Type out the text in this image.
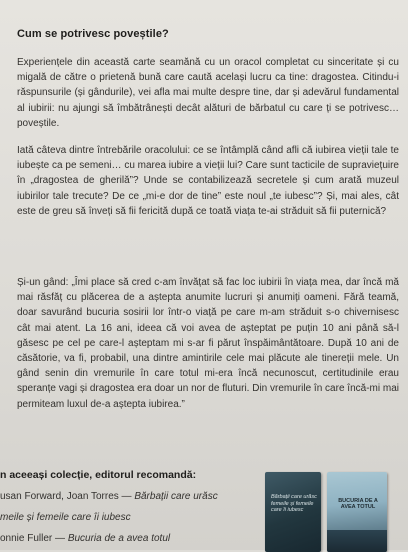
Cum se potrivesc poveștile?

Experiențele din această carte seamănă cu un oracol completat cu sinceritate și cu migală de către o prietenă bună care caută același lucru ca tine: dragostea. Citindu-i răspunsurile (și gândurile), vei afla mai multe despre tine, dar și adevărul fundamental al iubirii: nu ajungi să îmbătrânești decât alături de bărbatul cu care ți se potrivesc… poveștile.

Iată câteva dintre întrebările oracolului: ce se întâmplă când afli că iubirea vieții tale te iubește ca pe semeni… cu marea iubire a vieții lui? Care sunt tacticile de supraviețuire în „dragostea de gherilă”? Unde se contabilizează secretele și cum arată muzeul iubirilor tale trecute? De ce „mi-e dor de tine” este noul „te iubesc”? Și, mai ales, cât este de greu să înveți să fii fericită după ce toată viața te-ai străduit să fii puternică?

Și-un gând: „Îmi place să cred c-am învățat să fac loc iubirii în viața mea, dar încă mă mai răsfăț cu plăcerea de a aștepta anumite lucruri și anumiți oameni. Fără teamă, doar savurând bucuria sosirii lor într-o viață pe care m-am străduit s-o chivernisesc cât mai atent. La 16 ani, ideea că voi avea de așteptat pe puțin 10 ani până să-l găsesc pe cel pe care-l așteptam mi s-ar fi părut înspăimântătoare. După 10 ani de căsătorie, va fi, probabil, una dintre amintirile cele mai plăcute ale tinereții mele. Un gând senin din vremurile în care totul mi-era încă necunoscut, certitudinile erau speranțe vagi și dragostea era doar un nor de fluturi. Din vremurile în care încă-mi mai permiteam luxul de-a aștepta iubirea.”

n aceeași colecție, editorul recomandă:
usan Forward, Joan Torres — Bărbații care urăsc
meile și femeile care îi iubesc
onnie Fuller — Bucuria de a avea totul
Bărbații care urăsc femeile și femeile care îi iubesc
BUCURIA DE A AVEA TOTUL
